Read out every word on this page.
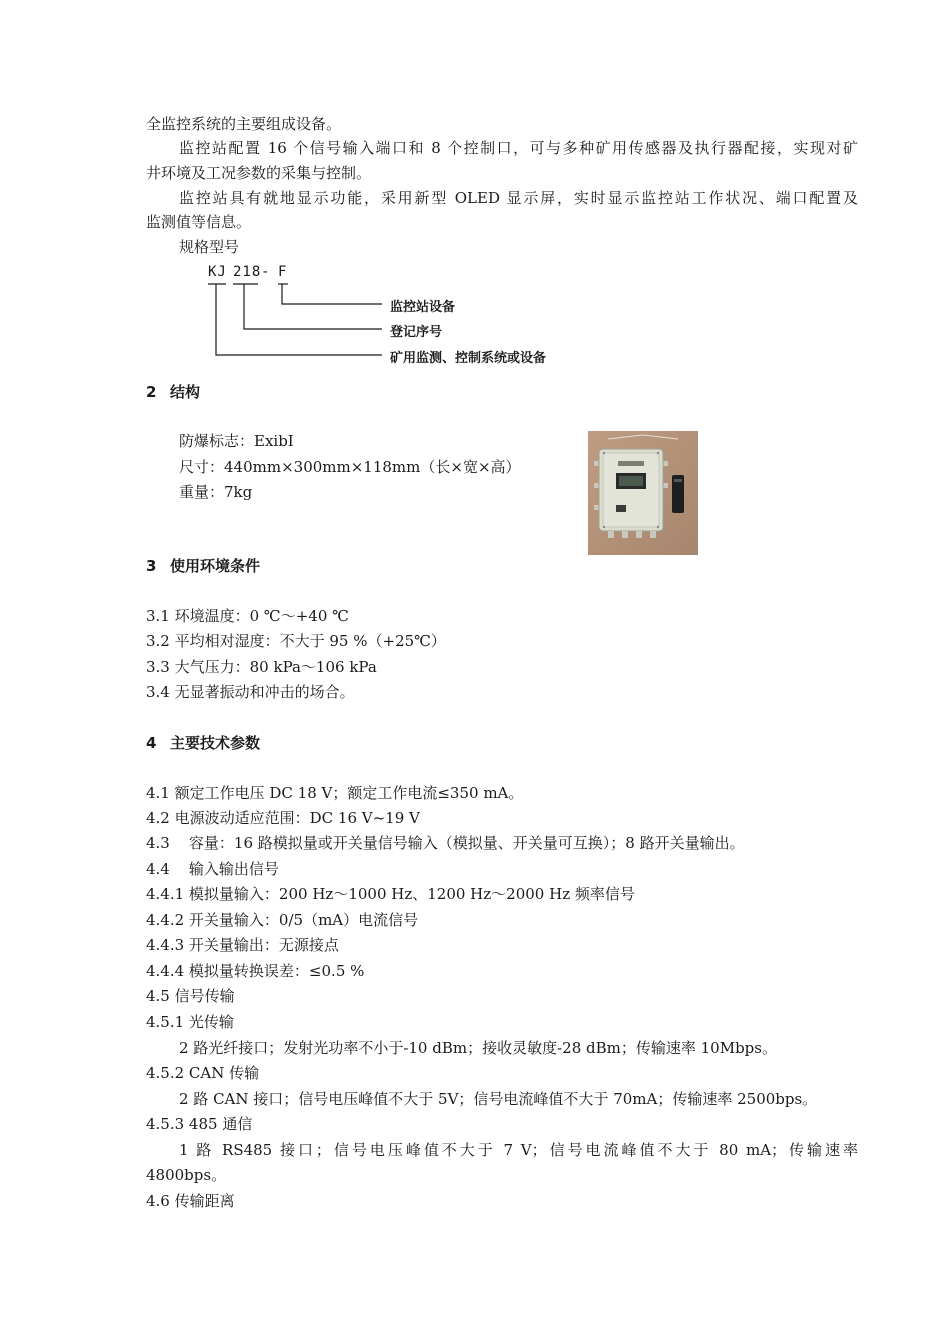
全监控系统的主要组成设备。
监控站配置 16 个信号输入端口和 8 个控制口，可与多种矿用传感器及执行器配接，实现对矿
井环境及工况参数的采集与控制。
监控站具有就地显示功能，采用新型 OLED 显示屏，实时显示监控站工作状况、端口配置及
监测值等信息。
规格型号
KJ 218 - F
监控站设备
登记序号
矿用监测、控制系统或设备
2 结构
防爆标志：ExibⅠ
尺寸：440mm×300mm×118mm（长×宽×高）
重量：7kg
3 使用环境条件
3.1 环境温度：0 ℃～+40 ℃
3.2 平均相对湿度：不大于 95 %（+25℃）
3.3 大气压力：80 kPa～106 kPa
3.4 无显著振动和冲击的场合。
4 主要技术参数
4.1 额定工作电压 DC 18 V；额定工作电流≤350 mA。
4.2 电源波动适应范围：DC 16 V~19 V
4.3    容量：16 路模拟量或开关量信号输入（模拟量、开关量可互换）；8 路开关量输出。
4.4    输入输出信号
4.4.1 模拟量输入：200 Hz～1000 Hz、1200 Hz～2000 Hz 频率信号
4.4.2 开关量输入：0/5（mA）电流信号
4.4.3 开关量输出：无源接点
4.4.4 模拟量转换误差：≤0.5 %
4.5 信号传输
4.5.1 光传输
2 路光纤接口；发射光功率不小于-10 dBm；接收灵敏度-28 dBm；传输速率 10Mbps。
4.5.2 CAN 传输
2 路 CAN 接口；信号电压峰值不大于 5V；信号电流峰值不大于 70mA；传输速率 2500bps。
4.5.3 485 通信
1 路 RS485 接口；信号电压峰值不大于 7 V；信号电流峰值不大于 80 mA；传输速率
4800bps。
4.6 传输距离
